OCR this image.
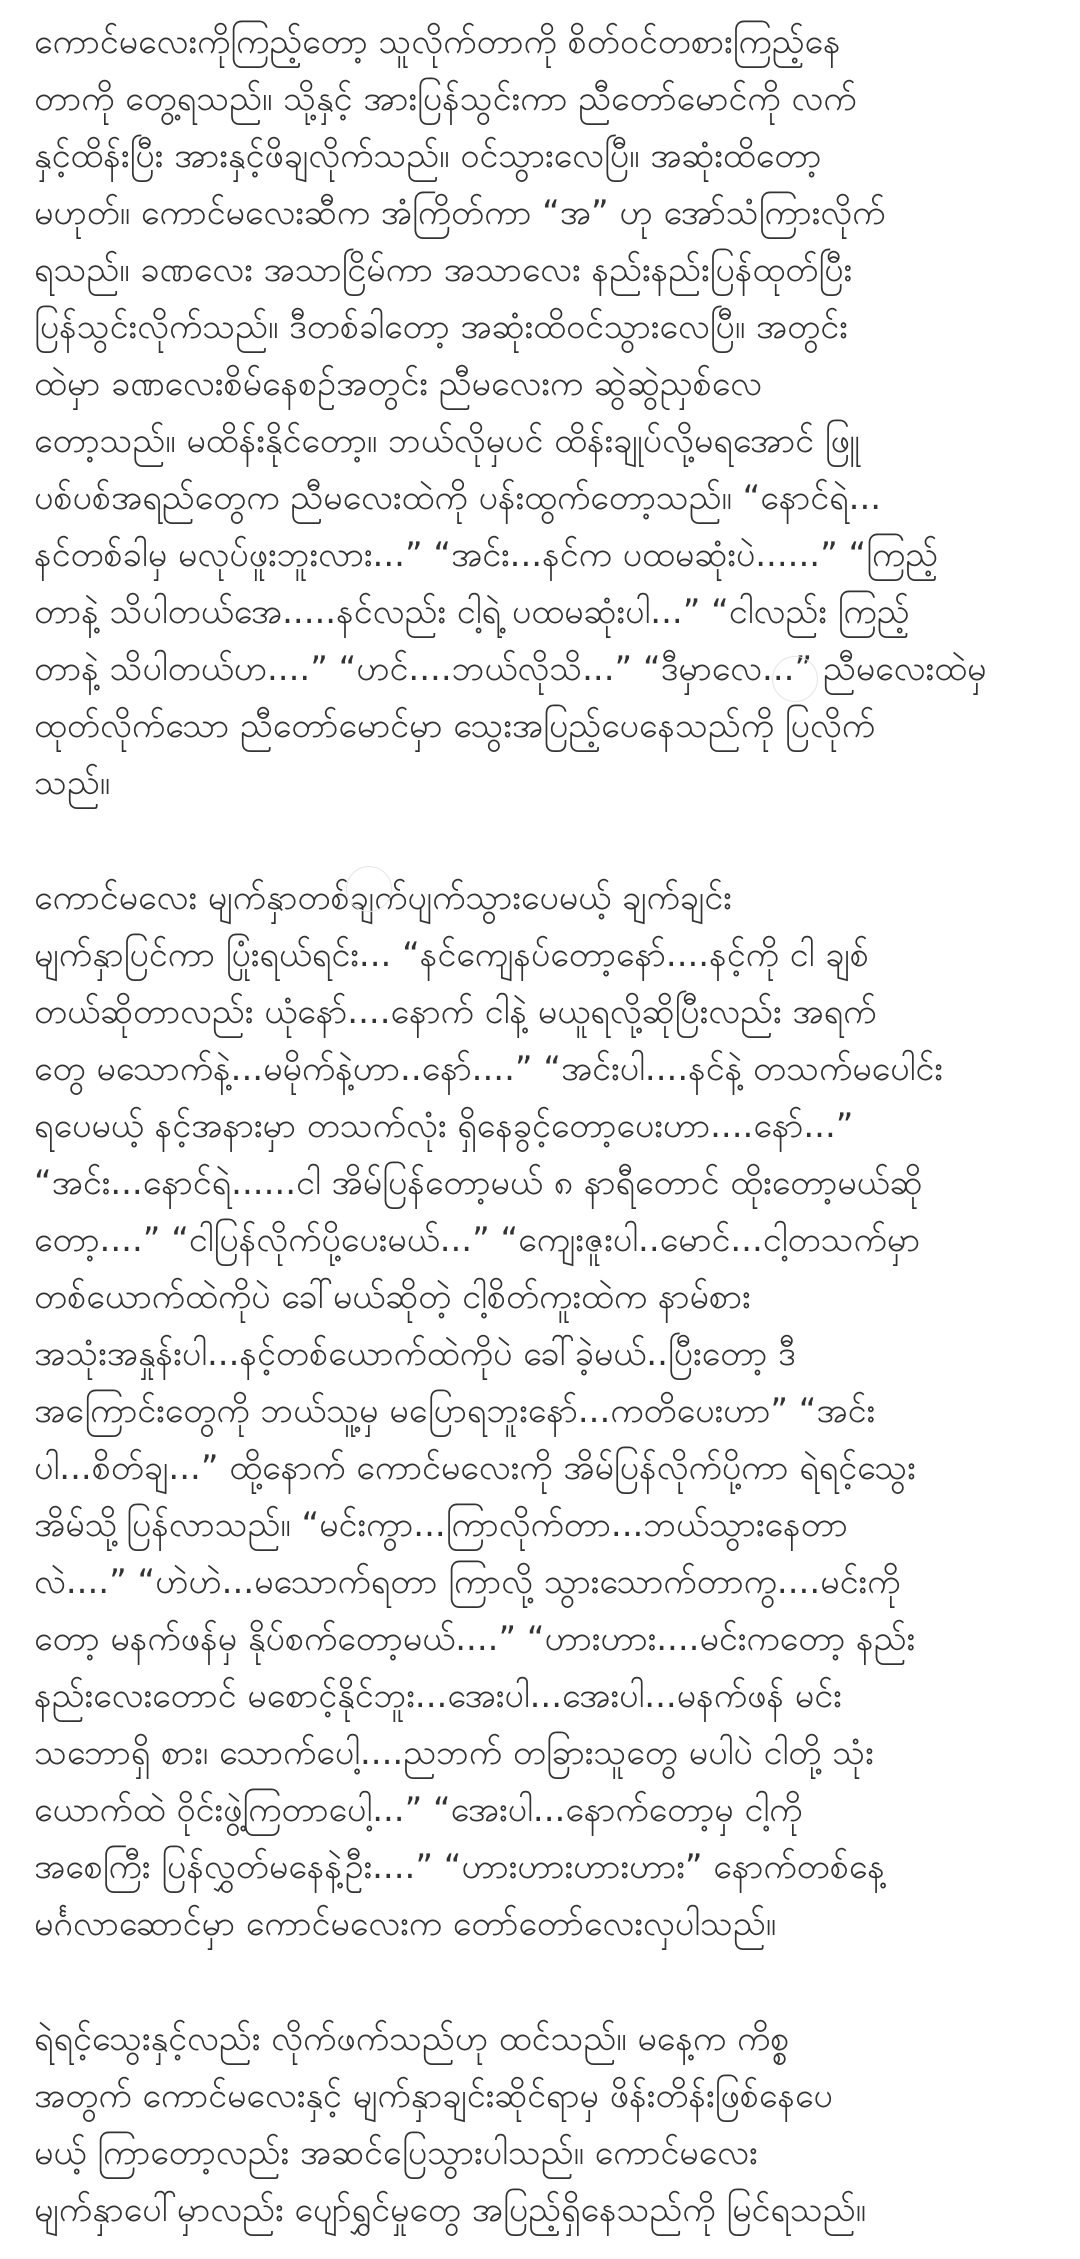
ကောင်မလေးကိုကြည့်တော့ သူလိုက်တာကို စိတ်ဝင်တစားကြည့်နေ
တာကို တွေ့ရသည်။ သို့နှင့် အားပြန်သွင်းကာ ညီတော်မောင်ကို လက်
နှင့်ထိန်းပြီး အားနှင့်ဖိချလိုက်သည်။ ဝင်သွားလေပြီ။ အဆုံးထိတော့
မဟုတ်။ ကောင်မလေးဆီက အံကြိတ်ကာ “အ” ဟု အော်သံကြားလိုက်
ရသည်။ ခဏလေး အသာငြိမ်ကာ အသာလေး နည်းနည်းပြန်ထုတ်ပြီး
ပြန်သွင်းလိုက်သည်။ ဒီတစ်ခါတော့ အဆုံးထိဝင်သွားလေပြီ။ အတွင်း
ထဲမှာ ခဏလေးစိမ်နေစဉ်အတွင်း ညီမလေးက ဆွဲဆွဲညှစ်လေ
တော့သည်။ မထိန်းနိုင်တော့။ ဘယ်လိုမှပင် ထိန်းချုပ်လို့မရအောင် ဖြူ
ပစ်ပစ်အရည်တွေက ညီမလေးထဲကို ပန်းထွက်တော့သည်။ “နောင်ရဲ...
နင်တစ်ခါမှ မလုပ်ဖူးဘူးလား...” “အင်း...နင်က ပထမဆုံးပဲ......” “ကြည့်
တာနဲ့ သိပါတယ်အေ.....နင်လည်း ငါ့ရဲ့ ပထမဆုံးပါ...” “ငါလည်း ကြည့်
တာနဲ့ သိပါတယ်ဟ....” “ဟင်....ဘယ်လိုသိ...” “ဒီမှာလေ...” ညီမလေးထဲမှ
ထုတ်လိုက်သော ညီတော်မောင်မှာ သွေးအပြည့်ပေနေသည်ကို ပြလိုက်
သည်။

ကောင်မလေး မျက်နှာတစ်ချက်ပျက်သွားပေမယ့် ချက်ချင်း
မျက်နှာပြင်ကာ ပြုံးရယ်ရင်း... “နင်ကျေနပ်တော့နော်....နင့်ကို ငါ ချစ်
တယ်ဆိုတာလည်း ယုံနော်....နောက် ငါနဲ့ မယူရလို့ဆိုပြီးလည်း အရက်
တွေ မသောက်နဲ့...မမိုက်နဲ့ဟာ..နော်....” “အင်းပါ....နင်နဲ့ တသက်မပေါင်း
ရပေမယ့် နင့်အနားမှာ တသက်လုံး ရှိနေခွင့်တော့ပေးဟာ....နော်...”
“အင်း...နောင်ရဲ......ငါ အိမ်ပြန်တော့မယ် ၈ နာရီတောင် ထိုးတော့မယ်ဆို
တော့....” “ငါပြန်လိုက်ပို့ပေးမယ်...” “ကျေးဇူးပါ..မောင်...ငါ့တသက်မှာ
တစ်ယောက်ထဲကိုပဲ ခေါ်မယ်ဆိုတဲ့ ငါ့စိတ်ကူးထဲက နာမ်စား
အသုံးအနှုန်းပါ...နင့်တစ်ယောက်ထဲကိုပဲ ခေါ်ခဲ့မယ်..ပြီးတော့ ဒီ
အကြောင်းတွေကို ဘယ်သူ့မှ မပြောရဘူးနော်...ကတိပေးဟာ” “အင်း
ပါ...စိတ်ချ...” ထို့နောက် ကောင်မလေးကို အိမ်ပြန်လိုက်ပို့ကာ ရဲရင့်သွေး
အိမ်သို့ပြန်လာသည်။ “မင်းကွာ...ကြာလိုက်တာ...ဘယ်သွားနေတာ
လဲ....” “ဟဲဟဲ...မသောက်ရတာ ကြာလို့ သွားသောက်တာကွ....မင်းကို
တော့ မနက်ဖန်မှ နိုပ်စက်တော့မယ်....” “ဟားဟား....မင်းကတော့ နည်း
နည်းလေးတောင် မစောင့်နိုင်ဘူး...အေးပါ...အေးပါ...မနက်ဖန် မင်း
သဘောရှိ စား၊ သောက်ပေါ့....ညဘက် တခြားသူတွေ မပါပဲ ငါတို့ သုံး
ယောက်ထဲ ဝိုင်းဖွဲ့ကြတာပေါ့...” “အေးပါ...နောက်တော့မှ ငါ့ကို
အစေကြီး ပြန်လွှတ်မနေနဲ့ဦး....” “ဟားဟားဟားဟား” နောက်တစ်နေ့
မင်္ဂလာဆောင်မှာ ကောင်မလေးက တော်တော်လေးလှပါသည်။

ရဲရင့်သွေးနှင့်လည်း လိုက်ဖက်သည်ဟု ထင်သည်။ မနေ့က ကိစ္စ
အတွက် ကောင်မလေးနှင့် မျက်နှာချင်းဆိုင်ရာမှ ဖိန်းတိန်းဖြစ်နေပေ
မယ့် ကြာတော့လည်း အဆင်ပြေသွားပါသည်။ ကောင်မလေး
မျက်နှာပေါ်မှာလည်း ပျော်ရွှင်မှုတွေ အပြည့်ရှိနေသည်ကို မြင်ရသည်။
